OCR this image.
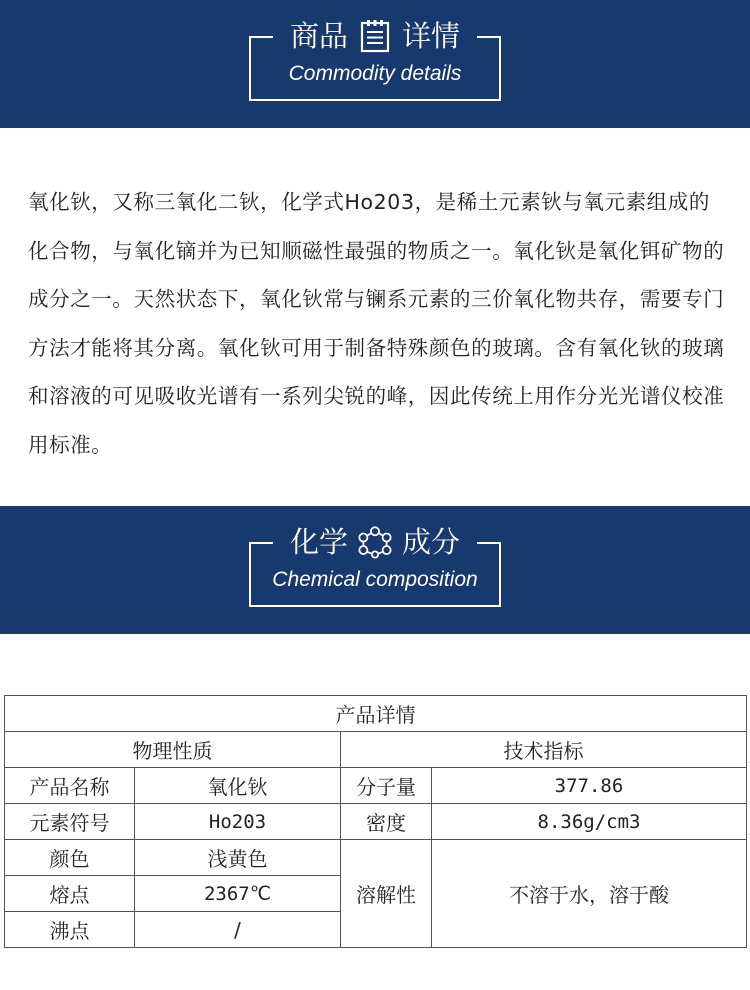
商品 详情
Commodity details

氧化钬，又称三氧化二钬，化学式Ho203，是稀土元素钬与氧元素组成的化合物，与氧化镝并为已知顺磁性最强的物质之一。氧化钬是氧化铒矿物的成分之一。天然状态下，氧化钬常与镧系元素的三价氧化物共存，需要专门方法才能将其分离。氧化钬可用于制备特殊颜色的玻璃。含有氧化钬的玻璃和溶液的可见吸收光谱有一系列尖锐的峰，因此传统上用作分光光谱仪校准用标准。

化学 成分
Chemical composition
产品详情			
物理性质		技术指标	
产品名称	氧化钬	分子量	377.86
元素符号	Ho203	密度	8.36g/cm3
颜色	浅黄色	溶解性	不溶于水，溶于酸
熔点	2367℃		
沸点	/		
